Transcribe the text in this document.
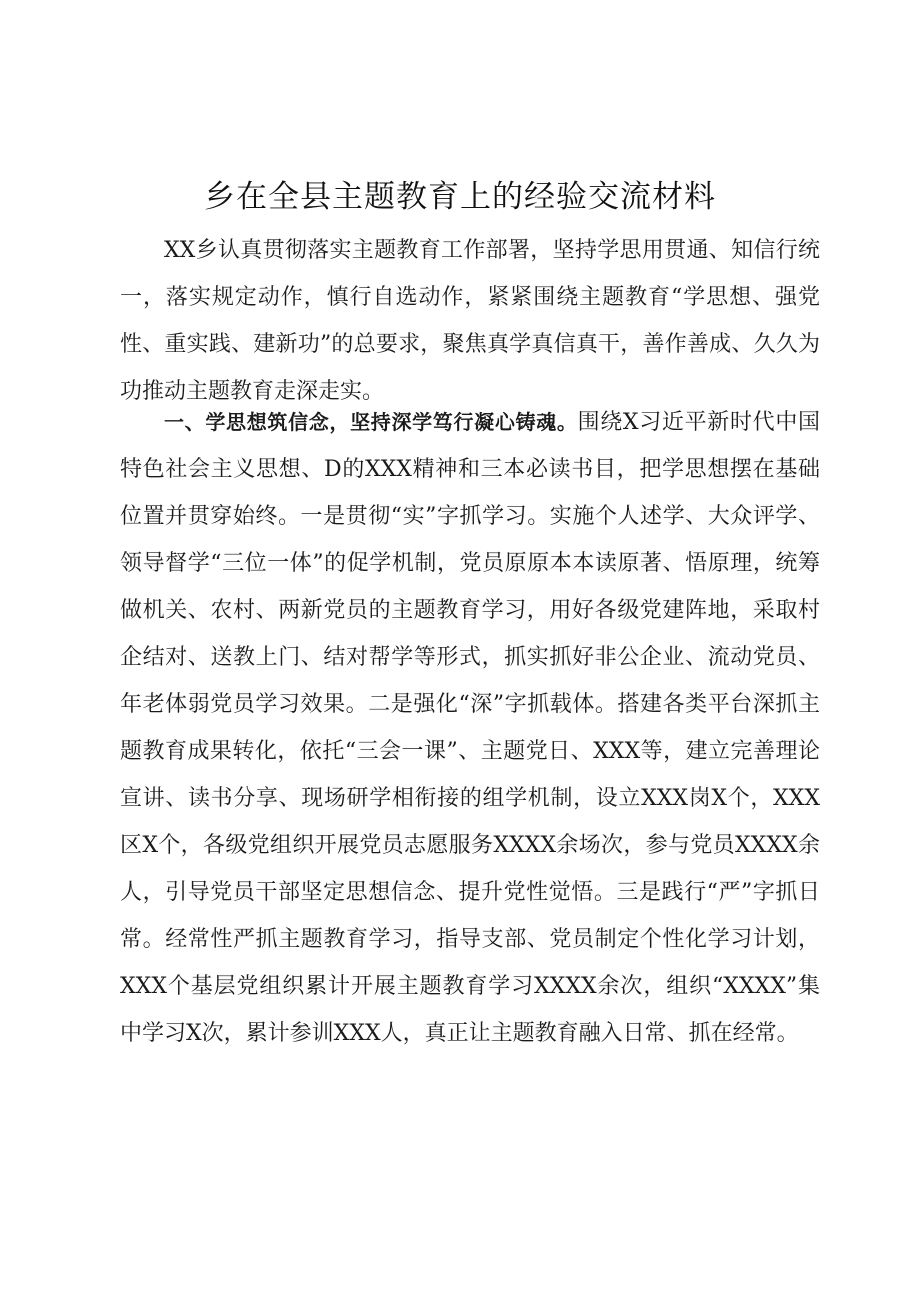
乡在全县主题教育上的经验交流材料

XX乡认真贯彻落实主题教育工作部署，坚持学思用贯通、知信行统一，落实规定动作，慎行自选动作，紧紧围绕主题教育“学思想、强党性、重实践、建新功”的总要求，聚焦真学真信真干，善作善成、久久为功推动主题教育走深走实。

一、学思想筑信念，坚持深学笃行凝心铸魂。围绕X习近平新时代中国特色社会主义思想、D的XXX精神和三本必读书目，把学思想摆在基础位置并贯穿始终。一是贯彻“实”字抓学习。实施个人述学、大众评学、领导督学“三位一体”的促学机制，党员原原本本读原著、悟原理，统筹做机关、农村、两新党员的主题教育学习，用好各级党建阵地，采取村企结对、送教上门、结对帮学等形式，抓实抓好非公企业、流动党员、年老体弱党员学习效果。二是强化“深”字抓载体。搭建各类平台深抓主题教育成果转化，依托“三会一课”、主题党日、XXX等，建立完善理论宣讲、读书分享、现场研学相衔接的组学机制，设立XXX岗X个，XXX区X个，各级党组织开展党员志愿服务XXXX余场次，参与党员XXXX余人，引导党员干部坚定思想信念、提升党性觉悟。三是践行“严”字抓日常。经常性严抓主题教育学习，指导支部、党员制定个性化学习计划，XXX个基层党组织累计开展主题教育学习XXXX余次，组织“XXXX”集中学习X次，累计参训XXX人，真正让主题教育融入日常、抓在经常。
